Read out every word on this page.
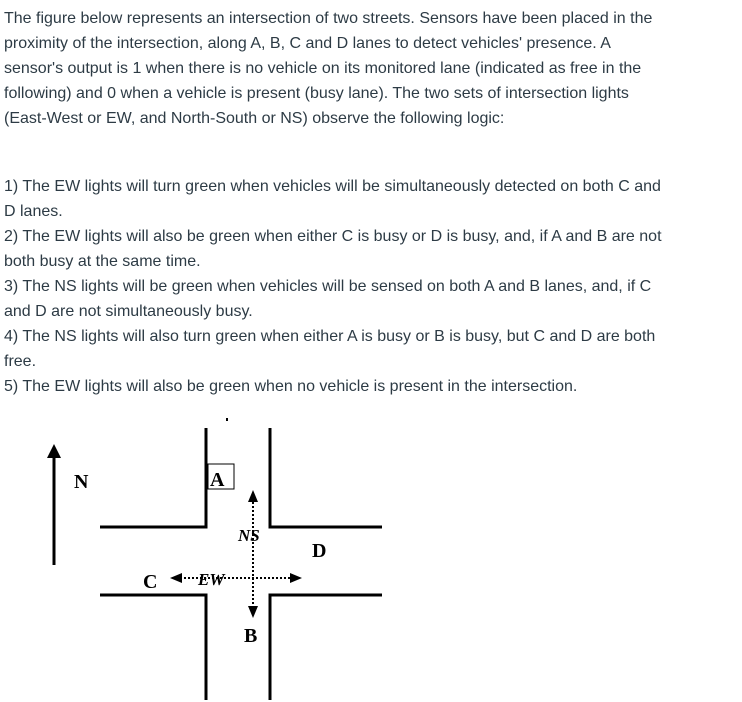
The figure below represents an intersection of two streets. Sensors have been placed in the proximity of the intersection, along A, B, C and D lanes to detect vehicles' presence. A sensor's output is 1 when there is no vehicle on its monitored lane (indicated as free in the following) and 0 when a vehicle is present (busy lane). The two sets of intersection lights (East-West or EW, and North-South or NS) observe the following logic:

1) The EW lights will turn green when vehicles will be simultaneously detected on both C and D lanes.

2) The EW lights will also be green when either C is busy or D is busy, and, if A and B are not both busy at the same time.

3) The NS lights will be green when vehicles will be sensed on both A and B lanes, and, if C and D are not simultaneously busy.

4) The NS lights will also turn green when either A is busy or B is busy, but C and D are both free.

5) The EW lights will also be green when no vehicle is present in the intersection.

N	A
D
C
B
NS
EW
